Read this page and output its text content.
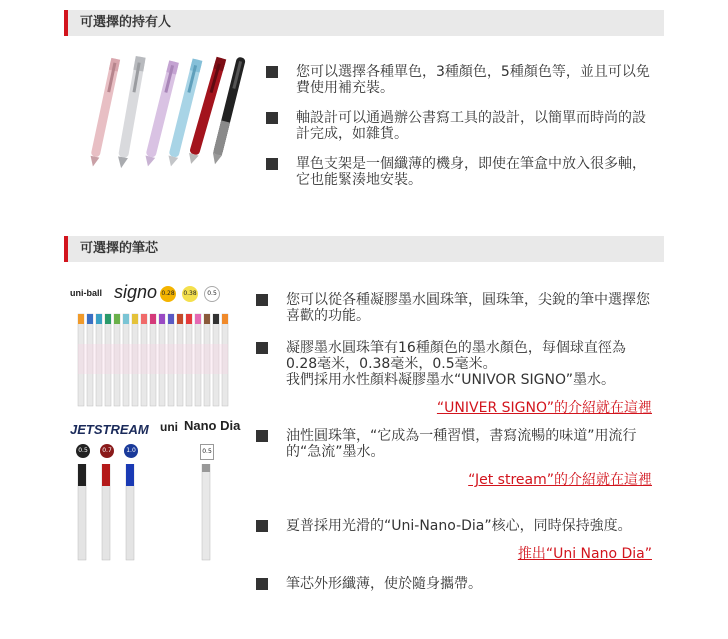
可選擇的持有人
您可以選擇各種單色，3種顏色，5種顏色等，並且可以免費使用補充裝。
軸設計可以通過辦公書寫工具的設計，以簡單而時尚的設計完成，如雜貨。
單色支架是一個纖薄的機身，即使在筆盒中放入很多軸，它也能緊湊地安裝。
可選擇的筆芯
uni-ball signo 0.28 0.38	0.5
JETSTREAM
0.5	0.7	1.0
uni Nano Dia
0.5
您可以從各種凝膠墨水圓珠筆，圓珠筆，尖銳的筆中選擇您喜歡的功能。
凝膠墨水圓珠筆有16種顏色的墨水顏色，每個球直徑為0.28毫米，0.38毫米，0.5毫米。
我們採用水性顏料凝膠墨水“UNIVOR SIGNO”墨水。
“UNIVER SIGNO”的介紹就在這裡
油性圓珠筆，“它成為一種習慣，書寫流暢的味道”用流行的“急流”墨水。
“Jet stream”的介紹就在這裡
夏普採用光滑的“Uni-Nano-Dia”核心，同時保持強度。
推出“Uni Nano Dia”
筆芯外形纖薄，使於隨身攜帶。
